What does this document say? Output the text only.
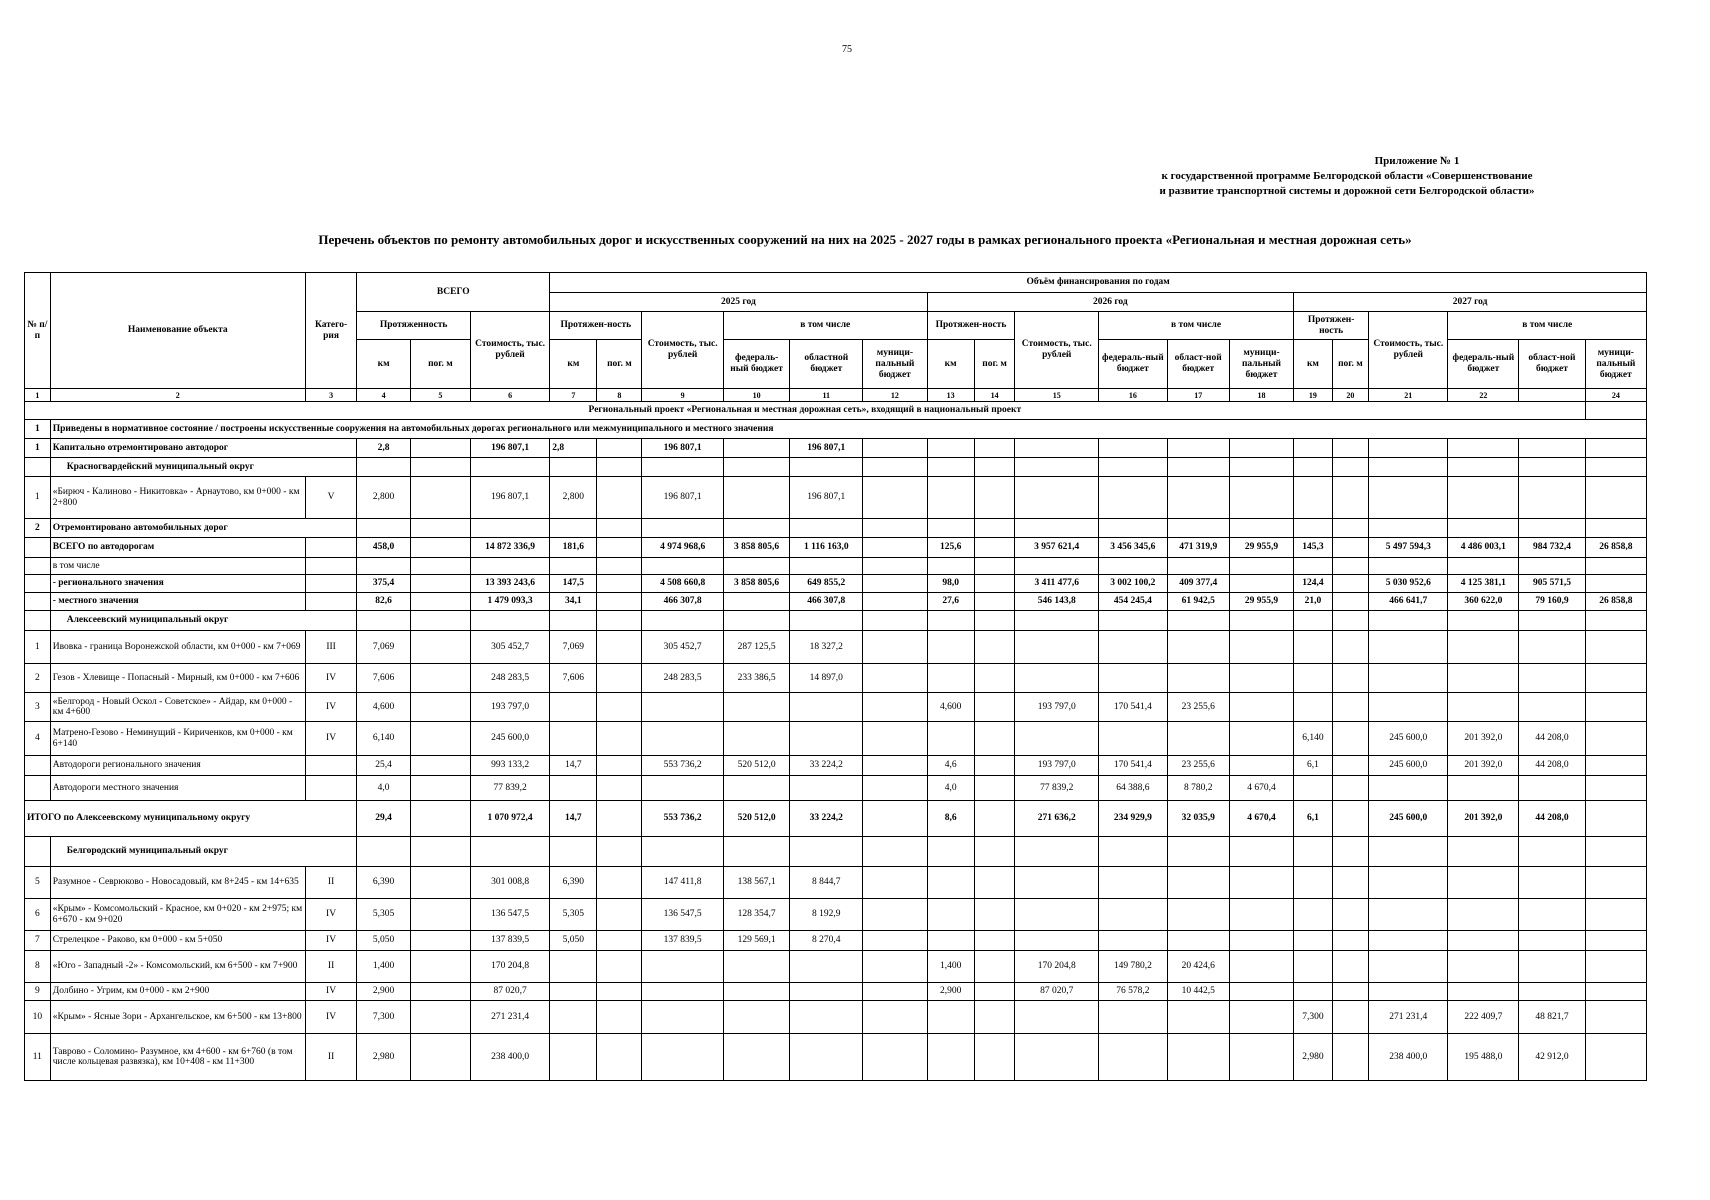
75
Приложение № 1
к государственной программе Белгородской области «Совершенствование
и развитие транспортной системы и дорожной сети Белгородской области»
Перечень объектов по ремонту автомобильных дорог и искусственных сооружений на них на 2025 - 2027 годы в рамках регионального проекта «Региональная и местная дорожная сеть»
№ п/п	Наименование объекта	Катего-рия	ВСЕГО			Объём финансирования по годам																	
						2025 год						2026 год						2027 год					
			Протяженность		Стоимость, тыс. рублей	Протяжен-ность		Стоимость, тыс. рублей	в том числе			Протяжен-ность		Стоимость, тыс. рублей	в том числе			Протяжен-ность		Стоимость, тыс. рублей	в том числе		
			км	пог. м		км	пог. м		федераль-ный бюджет	областной бюджет	муници-пальный бюджет	км	пог. м		федераль-ный бюджет	област-ной бюджет	муници-пальный бюджет	км	пог. м		федераль-ный бюджет	област-ной бюджет	муници-пальный бюджет
1	2	3	4	5	6	7	8	9	10	11	12	13	14	15	16	17	18	19	20	21	22		24
Региональный проект «Региональная и местная дорожная сеть», входящий в национальный проект																							
1	Приведены в нормативное состояние / построены искусственные сооружения на автомобильных дорогах регионального или межмуниципального и местного значения																						
1	Капитально отремонтировано автодорог		2,8		196 807,1	2,8		196 807,1		196 807,1													
	Красногвардейский муниципальный округ																						
1	«Бирюч - Калиново - Никитовка» - Арнаутово, км 0+000 - км 2+800	V	2,800		196 807,1	2,800		196 807,1		196 807,1													
2	Отремонтировано автомобильных дорог																						
	ВСЕГО по автодорогам		458,0		14 872 336,9	181,6		4 974 968,6	3 858 805,6	1 116 163,0		125,6		3 957 621,4	3 456 345,6	471 319,9	29 955,9	145,3		5 497 594,3	4 486 003,1	984 732,4	26 858,8
	в том числе																						
	- регионального значения		375,4		13 393 243,6	147,5		4 508 660,8	3 858 805,6	649 855,2		98,0		3 411 477,6	3 002 100,2	409 377,4		124,4		5 030 952,6	4 125 381,1	905 571,5	
	- местного значения		82,6		1 479 093,3	34,1		466 307,8		466 307,8		27,6		546 143,8	454 245,4	61 942,5	29 955,9	21,0		466 641,7	360 622,0	79 160,9	26 858,8
	Алексеевский муниципальный округ																						
1	Ивовка - граница Воронежской области, км 0+000 - км 7+069	III	7,069		305 452,7	7,069		305 452,7	287 125,5	18 327,2													
2	Гезов - Хлевище - Попасный - Мирный, км 0+000 - км 7+606	IV	7,606		248 283,5	7,606		248 283,5	233 386,5	14 897,0													
3	«Белгород - Новый Оскол - Советское» - Айдар, км 0+000 - км 4+600	IV	4,600		193 797,0							4,600		193 797,0	170 541,4	23 255,6							
4	Матрено-Гезово - Неминущий - Кириченков, км 0+000 - км 6+140	IV	6,140		245 600,0													6,140		245 600,0	201 392,0	44 208,0	
	Автодороги регионального значения		25,4		993 133,2	14,7		553 736,2	520 512,0	33 224,2		4,6		193 797,0	170 541,4	23 255,6		6,1		245 600,0	201 392,0	44 208,0	
	Автодороги местного значения		4,0		77 839,2							4,0		77 839,2	64 388,6	8 780,2	4 670,4						
ИТОГО по Алексеевскому муниципальному округу			29,4		1 070 972,4	14,7		553 736,2	520 512,0	33 224,2		8,6		271 636,2	234 929,9	32 035,9	4 670,4	6,1		245 600,0	201 392,0	44 208,0	
	Белгородский муниципальный округ																						
5	Разумное - Севрюково - Новосадовый, км 8+245 - км 14+635	II	6,390		301 008,8	6,390		147 411,8	138 567,1	8 844,7													
6	«Крым» - Комсомольский - Красное, км 0+020 - км 2+975; км 6+670 - км 9+020	IV	5,305		136 547,5	5,305		136 547,5	128 354,7	8 192,9													
7	Стрелецкое - Раково, км 0+000 - км 5+050	IV	5,050		137 839,5	5,050		137 839,5	129 569,1	8 270,4													
8	«Юго - Западный -2» - Комсомольский, км 6+500 - км 7+900	II	1,400		170 204,8							1,400		170 204,8	149 780,2	20 424,6							
9	Долбино - Угрим, км 0+000 - км 2+900	IV	2,900		87 020,7							2,900		87 020,7	76 578,2	10 442,5							
10	«Крым» - Ясные Зори - Архангельское, км 6+500 - км 13+800	IV	7,300		271 231,4													7,300		271 231,4	222 409,7	48 821,7	
11	Таврово - Соломино- Разумное, км 4+600 - км 6+760 (в том числе кольцевая развязка), км 10+408 - км 11+300	II	2,980		238 400,0													2,980		238 400,0	195 488,0	42 912,0	
